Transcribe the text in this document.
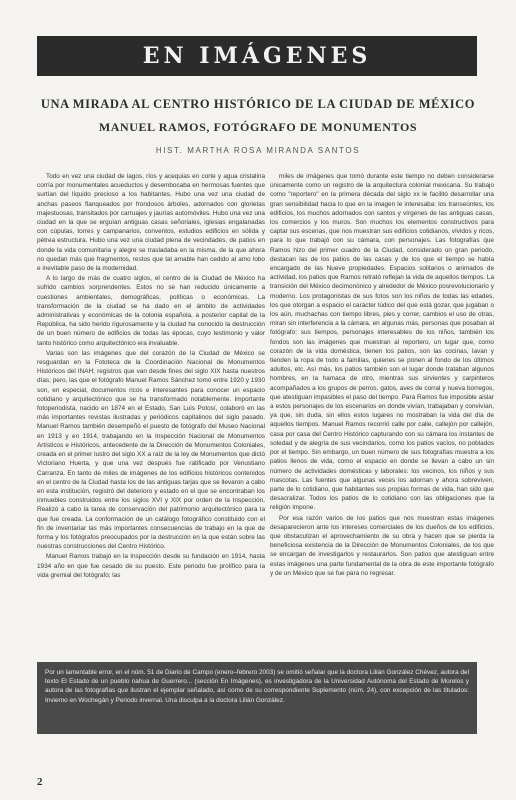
EN IMÁGENES
UNA MIRADA AL CENTRO HISTÓRICO DE LA CIUDAD DE MÉXICO
MANUEL RAMOS, FOTÓGRAFO DE MONUMENTOS
HIST. MARTHA ROSA MIRANDA SANTOS

Todo en vez una ciudad de lagos, ríos y acequias en corte y agua cristalina corría por monumentales acueductos y desembocaba en hermosas fuentes que surtían del líquido precioso a los habitantes. Hubo una vez una ciudad de anchas paseos flanqueados por frondosos árboles, adornados con glorietas majestuosas, transitados por carruajes y jaurías automóviles. Hubo una vez una ciudad en la que se erguían antiguas casas señoriales, iglesias engalanadas con cúpulas, torres y campanarios, conventos, estudios edificios en sólida y pétrea estructura. Hubo una vez una ciudad plena de vecindades, de patios en donde la vida comunitaria y alegre se trasladaba en la misma, de la que ahora no quedan más que fragmentos, restos que tal amable han cedido al amo lobo e inevitable paso de la modernidad.

A lo largo de más de cuatro siglos, el centro de la Ciudad de México ha sufrido cambios sorprendentes. Estos no se han reducido únicamente a cuestiones ambientales, demográficas, políticas o económicas. La transformación de la ciudad se ha dado en el ámbito de actividades administrativas y económicas de la colonia española, a posterior capital de la República, ha sido herido rigurosamente y la ciudad ha conocido la destrucción de un buen número de edificios de todas las épocas, cuyo testimonio y valor tanto histórico como arquitectónico era invaluable.

Varias son las imágenes que del corazón de la Ciudad de México se resguardan en la Fototeca de la Coordinación Nacional de Monumentos Históricos del INAH; registros que van desde fines del siglo XIX hasta nuestros días; pero, las que el fotógrafo Manuel Ramos Sánchez tomó entre 1920 y 1930 son, en especial, documentos ricos e interesantes para conocer un espacio cotidiano y arquitectónico que se ha transformado notablemente. Importante fotoperiodista, nacido en 1874 en el Estado, San Luis Potosí, colaboró en las más importantes revistas ilustradas y periódicos capitalinos del siglo pasado. Manuel Ramos también desempeñó el puesto de fotógrafo del Museo Nacional en 1913 y en 1914, trabajando en la Inspección Nacional de Monumentos Artísticos e Históricos, antecedente de la Dirección de Monumentos Coloniales, creada en el primer lustro del siglo XX a raíz de la ley de Monumentos que dictó Victoriano Huerta, y que una vez después fue ratificado por Venustiano Carranza. En tanto de miles de imágenes de los edificios históricos contenidos en el centro de la Ciudad hasta los de las antiguas tarjas que se llevaron a cabo en esta institución, registró del deterioro y estado en el que se encontraban los inmuebles construidos entre los siglos XVI y XIX por orden de la Inspección. Realizó a cabo la tarea de conservación del patrimonio arquitectónico para la que fue creada. La conformación de un catálogo fotográfico constituido con el fin de inventariar las más importantes consecuencias de trabajo en la que de forma y los fotógrafos preocupados por la destrucción en la que están sobre las nuestras construcciones del Centro Histórico.

Manuel Ramos trabajó en la Inspección desde su fundación en 1914, hasta 1934 año en que fue cesado de su puesto. Este periodo fue prolífico para la vida gremial del fotógrafo; las

miles de imágenes que tomó durante este tiempo no deben considerarse únicamente como un registro de la arquitectura colonial mexicana. Su trabajo como "reportero" en la primera década del siglo xx le facilitó desarrollar una gran sensibilidad hacia lo que en la imagen le interesaba: los transeúntes, los edificios, los muchos adornados con santos y vírgenes de las antiguas casas, los comercios y los muros. Son muchos los elementos constructivos para captar sus escenas, que nos muestran sus edificios cotidianos, vívidos y ricos, para lo que trabajó con su cámara, con personajes. Las fotografías que Ramos hizo del primer cuadro de la Ciudad, considerado un gran periodo, destacan las de los patios de las casas y de los que el tiempo se había encargado de las Nueve propiedades. Espacios solitarios o animados de actividad, los patios que Ramos retrató reflejan la vida de aquellos tiempos. La transición del México decimonónico y alrededor de México posrevolucionario y moderno. Los protagonistas de sus fotos son los niños de todas las edades, los que otorgan a espacio el carácter lúdico del que está gozar, que jugaban o los aún, muchachas con tiempo libres, pies y correr, cambios el uso de otras, miran sin interferencia a la cámara, en algunas más, personas que posaban al fotógrafo: sus tiempos, personajes interesables de los niños, también los fondos son las imágenes que muestran al reportero, un lugar que, como corazón de la vida doméstica, tienen los patios, son las cocinas, lavan y tienden la ropa de todo a familias, quienes se ponen al fondo de los últimos adultos, etc. Así más, los patios también son el lugar donde trataban algunos hombres, en la hamaca de otro, mientras sus sirvientes y carpinteros acompañados a los grupos de perros, gatos, aves de corral y nueva borregos, que atestiguan impasibles el paso del tiempo. Para Ramos fue imposible aislar a estos personajes de los escenarios en donde vivían, trabajaban y convivían, ya que, sin duda, sin ellos estos lugares no mostraban la vida del día de aquellos tiempos. Manuel Ramos recorrió calle por calle, callejón por callejón, casa por casa del Centro Histórico capturando con su cámara los instantes de soledad y de alegría de sus vecindarios, como los patios vacíos, no poblados por el tiempo. Sin embargo, un buen número de sus fotografías muestra a los patios llenos de vida, como el espacio en donde se llevan a cabo un sin número de actividades domésticas y laborales: los vecinos, los niños y sus mascotas. Las fuentes que algunas veces los adornan y ahora sobreviven, parte de lo cotidiano, que habitantes sus propias formas de vida, han sido que desacralizar. Todos los patios de lo cotidiano con las obligaciones que la religión impone.

Por esa razón varios de los patios que nos muestran estas imágenes desaparecieron ante los intereses comerciales de los dueños de los edificios, que obstaculizan el aprovechamiento de su obra y hacen que se pierda la beneficiosa existencia de la Dirección de Monumentos Coloniales, de los que se encargan de investigarlos y restaurarlos. Son patios que atestiguan entre estas imágenes una parte fundamental de la obra de este importante fotógrafo y de un México que se fue para no regresar.

Por un lamentable error, en el núm. 51 de Diario de Campo (enero–febrero 2003) se omitió señalar que la doctora Lilián González Chévez, autora del texto El Estado de un pueblo nahua de Guerrero... (sección En Imágenes), es investigadora de la Universidad Autónoma del Estado de Morelos y autora de las fotografías que ilustran el ejemplar señalado, así como de su correspondiente Suplemento (núm. 24), con excepción de las titulados: Invierno en Wochegán y Periodo invernal. Una disculpa a la doctora Lilián González.
2
